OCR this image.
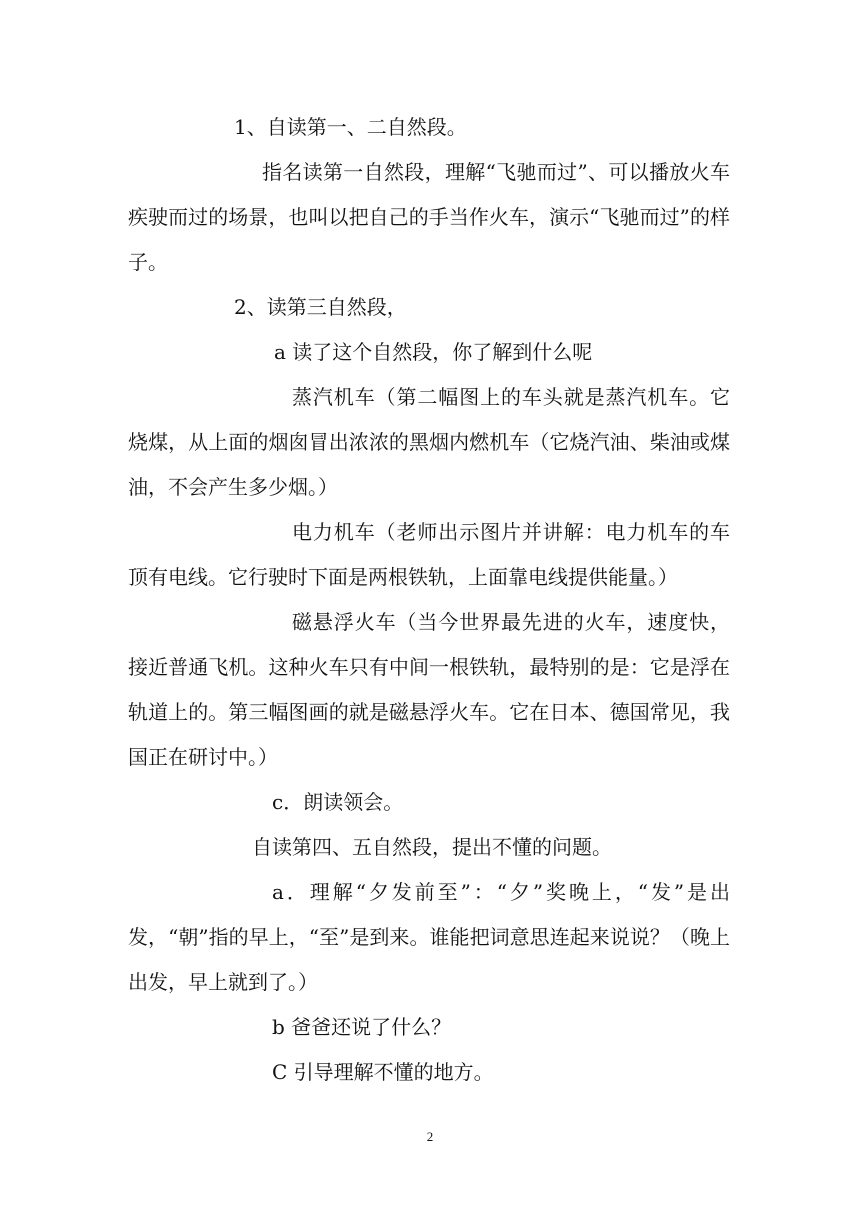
1、自读第一、二自然段。

指名读第一自然段，理解“飞驰而过”、可以播放火车疾驶而过的场景，也叫以把自己的手当作火车，演示“飞驰而过”的样子。

2、读第三自然段，

a 读了这个自然段，你了解到什么呢

蒸汽机车（第二幅图上的车头就是蒸汽机车。它烧煤，从上面的烟囱冒出浓浓的黑烟内燃机车（它烧汽油、柴油或煤油，不会产生多少烟。）

电力机车（老师出示图片并讲解：电力机车的车顶有电线。它行驶时下面是两根铁轨，上面靠电线提供能量。）

磁悬浮火车（当今世界最先进的火车，速度快，接近普通飞机。这种火车只有中间一根铁轨，最特别的是：它是浮在轨道上的。第三幅图画的就是磁悬浮火车。它在日本、德国常见，我国正在研讨中。）

c．朗读领会。

自读第四、五自然段，提出不懂的问题。

a．理解“夕发前至”：“夕”奖晚上，“发”是出发，“朝”指的早上，“至”是到来。谁能把词意思连起来说说？（晚上出发，早上就到了。）

b 爸爸还说了什么？

C 引导理解不懂的地方。

2
